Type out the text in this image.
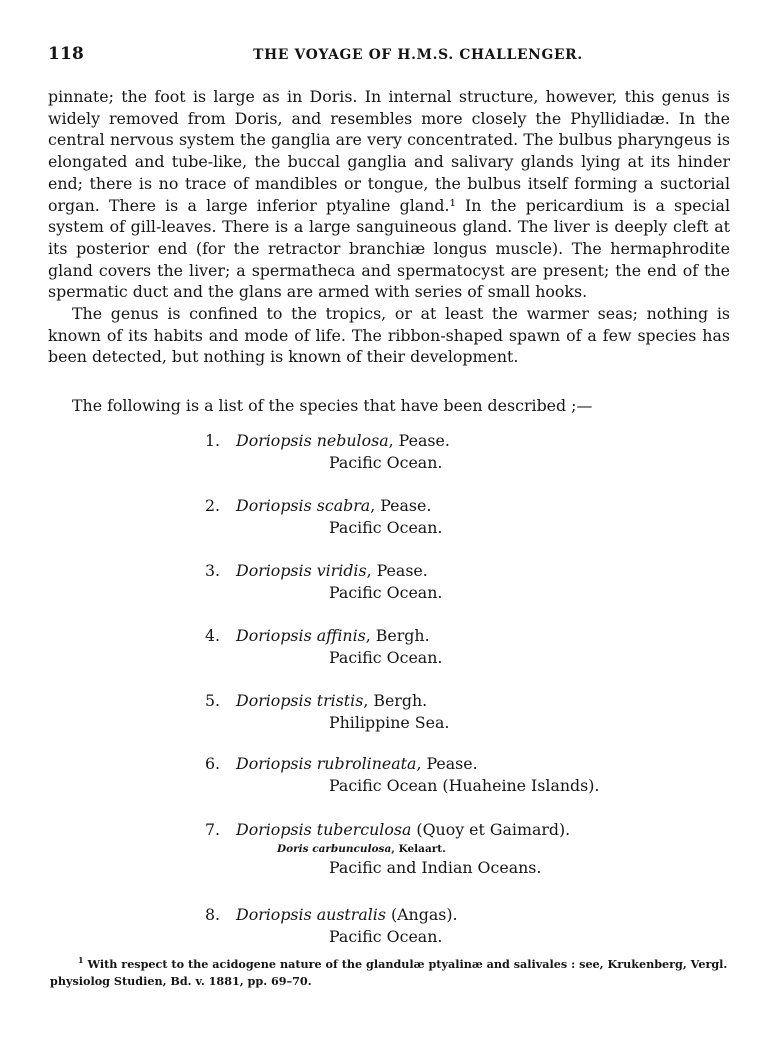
118	THE VOYAGE OF H.M.S. CHALLENGER.

pinnate; the foot is large as in Doris. In internal structure, however, this genus is widely removed from Doris, and resembles more closely the Phyllidiadæ. In the central nervous system the ganglia are very concentrated. The bulbus pharyngeus is elongated and tube-like, the buccal ganglia and salivary glands lying at its hinder end; there is no trace of mandibles or tongue, the bulbus itself forming a suctorial organ. There is a large inferior ptyaline gland.¹ In the pericardium is a special system of gill-leaves. There is a large sanguineous gland. The liver is deeply cleft at its posterior end (for the retractor branchiæ longus muscle). The hermaphrodite gland covers the liver; a spermatheca and spermatocyst are present; the end of the spermatic duct and the glans are armed with series of small hooks.

The genus is confined to the tropics, or at least the warmer seas; nothing is known of its habits and mode of life. The ribbon-shaped spawn of a few species has been detected, but nothing is known of their development.

The following is a list of the species that have been described ;—
1. Doriopsis nebulosa, Pease.
Pacific Ocean.
2. Doriopsis scabra, Pease.
Pacific Ocean.
3. Doriopsis viridis, Pease.
Pacific Ocean.
4. Doriopsis affinis, Bergh.
Pacific Ocean.
5. Doriopsis tristis, Bergh.
Philippine Sea.
6. Doriopsis rubrolineata, Pease.
Pacific Ocean (Huaheine Islands).
7. Doriopsis tuberculosa (Quoy et Gaimard).
Doris carbunculosa, Kelaart.
Pacific and Indian Oceans.
8. Doriopsis australis (Angas).
Pacific Ocean.
$^1$ With respect to the acidogene nature of the glandulæ ptyalinæ and salivales : see, Krukenberg, Vergl. physiolog Studien, Bd. v. 1881, pp. 69–70.
